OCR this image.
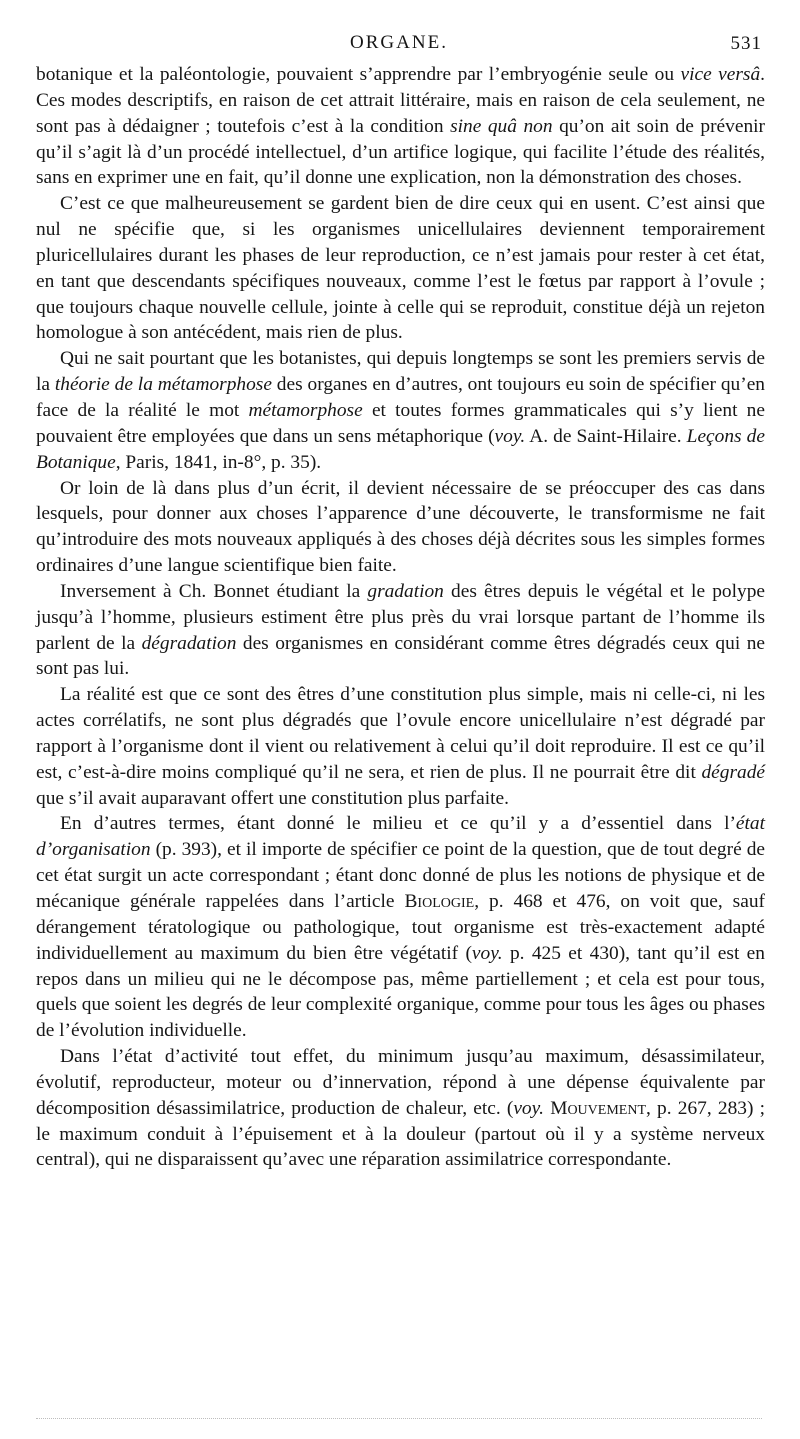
ORGANE.	531

botanique et la paléontologie, pouvaient s’apprendre par l’embryogénie seule ou vice versâ. Ces modes descriptifs, en raison de cet attrait littéraire, mais en raison de cela seulement, ne sont pas à dédaigner ; toutefois c’est à la condition sine quâ non qu’on ait soin de prévenir qu’il s’agit là d’un procédé intellectuel, d’un artifice logique, qui facilite l’étude des réalités, sans en exprimer une en fait, qu’il donne une explication, non la démonstration des choses.

C’est ce que malheureusement se gardent bien de dire ceux qui en usent. C’est ainsi que nul ne spécifie que, si les organismes unicellulaires deviennent temporairement pluricellulaires durant les phases de leur reproduction, ce n’est jamais pour rester à cet état, en tant que descendants spécifiques nouveaux, comme l’est le fœtus par rapport à l’ovule ; que toujours chaque nouvelle cellule, jointe à celle qui se reproduit, constitue déjà un rejeton homologue à son antécédent, mais rien de plus.

Qui ne sait pourtant que les botanistes, qui depuis longtemps se sont les premiers servis de la théorie de la métamorphose des organes en d’autres, ont toujours eu soin de spécifier qu’en face de la réalité le mot métamorphose et toutes formes grammaticales qui s’y lient ne pouvaient être employées que dans un sens métaphorique (voy. A. de Saint-Hilaire. Leçons de Botanique, Paris, 1841, in-8°, p. 35).

Or loin de là dans plus d’un écrit, il devient nécessaire de se préoccuper des cas dans lesquels, pour donner aux choses l’apparence d’une découverte, le transformisme ne fait qu’introduire des mots nouveaux appliqués à des choses déjà décrites sous les simples formes ordinaires d’une langue scientifique bien faite.

Inversement à Ch. Bonnet étudiant la gradation des êtres depuis le végétal et le polype jusqu’à l’homme, plusieurs estiment être plus près du vrai lorsque partant de l’homme ils parlent de la dégradation des organismes en considérant comme êtres dégradés ceux qui ne sont pas lui.

La réalité est que ce sont des êtres d’une constitution plus simple, mais ni celle-ci, ni les actes corrélatifs, ne sont plus dégradés que l’ovule encore unicellulaire n’est dégradé par rapport à l’organisme dont il vient ou relativement à celui qu’il doit reproduire. Il est ce qu’il est, c’est-à-dire moins compliqué qu’il ne sera, et rien de plus. Il ne pourrait être dit dégradé que s’il avait auparavant offert une constitution plus parfaite.

En d’autres termes, étant donné le milieu et ce qu’il y a d’essentiel dans l’état d’organisation (p. 393), et il importe de spécifier ce point de la question, que de tout degré de cet état surgit un acte correspondant ; étant donc donné de plus les notions de physique et de mécanique générale rappelées dans l’article Biologie, p. 468 et 476, on voit que, sauf dérangement tératologique ou pathologique, tout organisme est très-exactement adapté individuellement au maximum du bien être végétatif (voy. p. 425 et 430), tant qu’il est en repos dans un milieu qui ne le décompose pas, même partiellement ; et cela est pour tous, quels que soient les degrés de leur complexité organique, comme pour tous les âges ou phases de l’évolution individuelle.

Dans l’état d’activité tout effet, du minimum jusqu’au maximum, désassimilateur, évolutif, reproducteur, moteur ou d’innervation, répond à une dépense équivalente par décomposition désassimilatrice, production de chaleur, etc. (voy. Mouvement, p. 267, 283) ; le maximum conduit à l’épuisement et à la douleur (partout où il y a système nerveux central), qui ne disparaissent qu’avec une réparation assimilatrice correspondante.
